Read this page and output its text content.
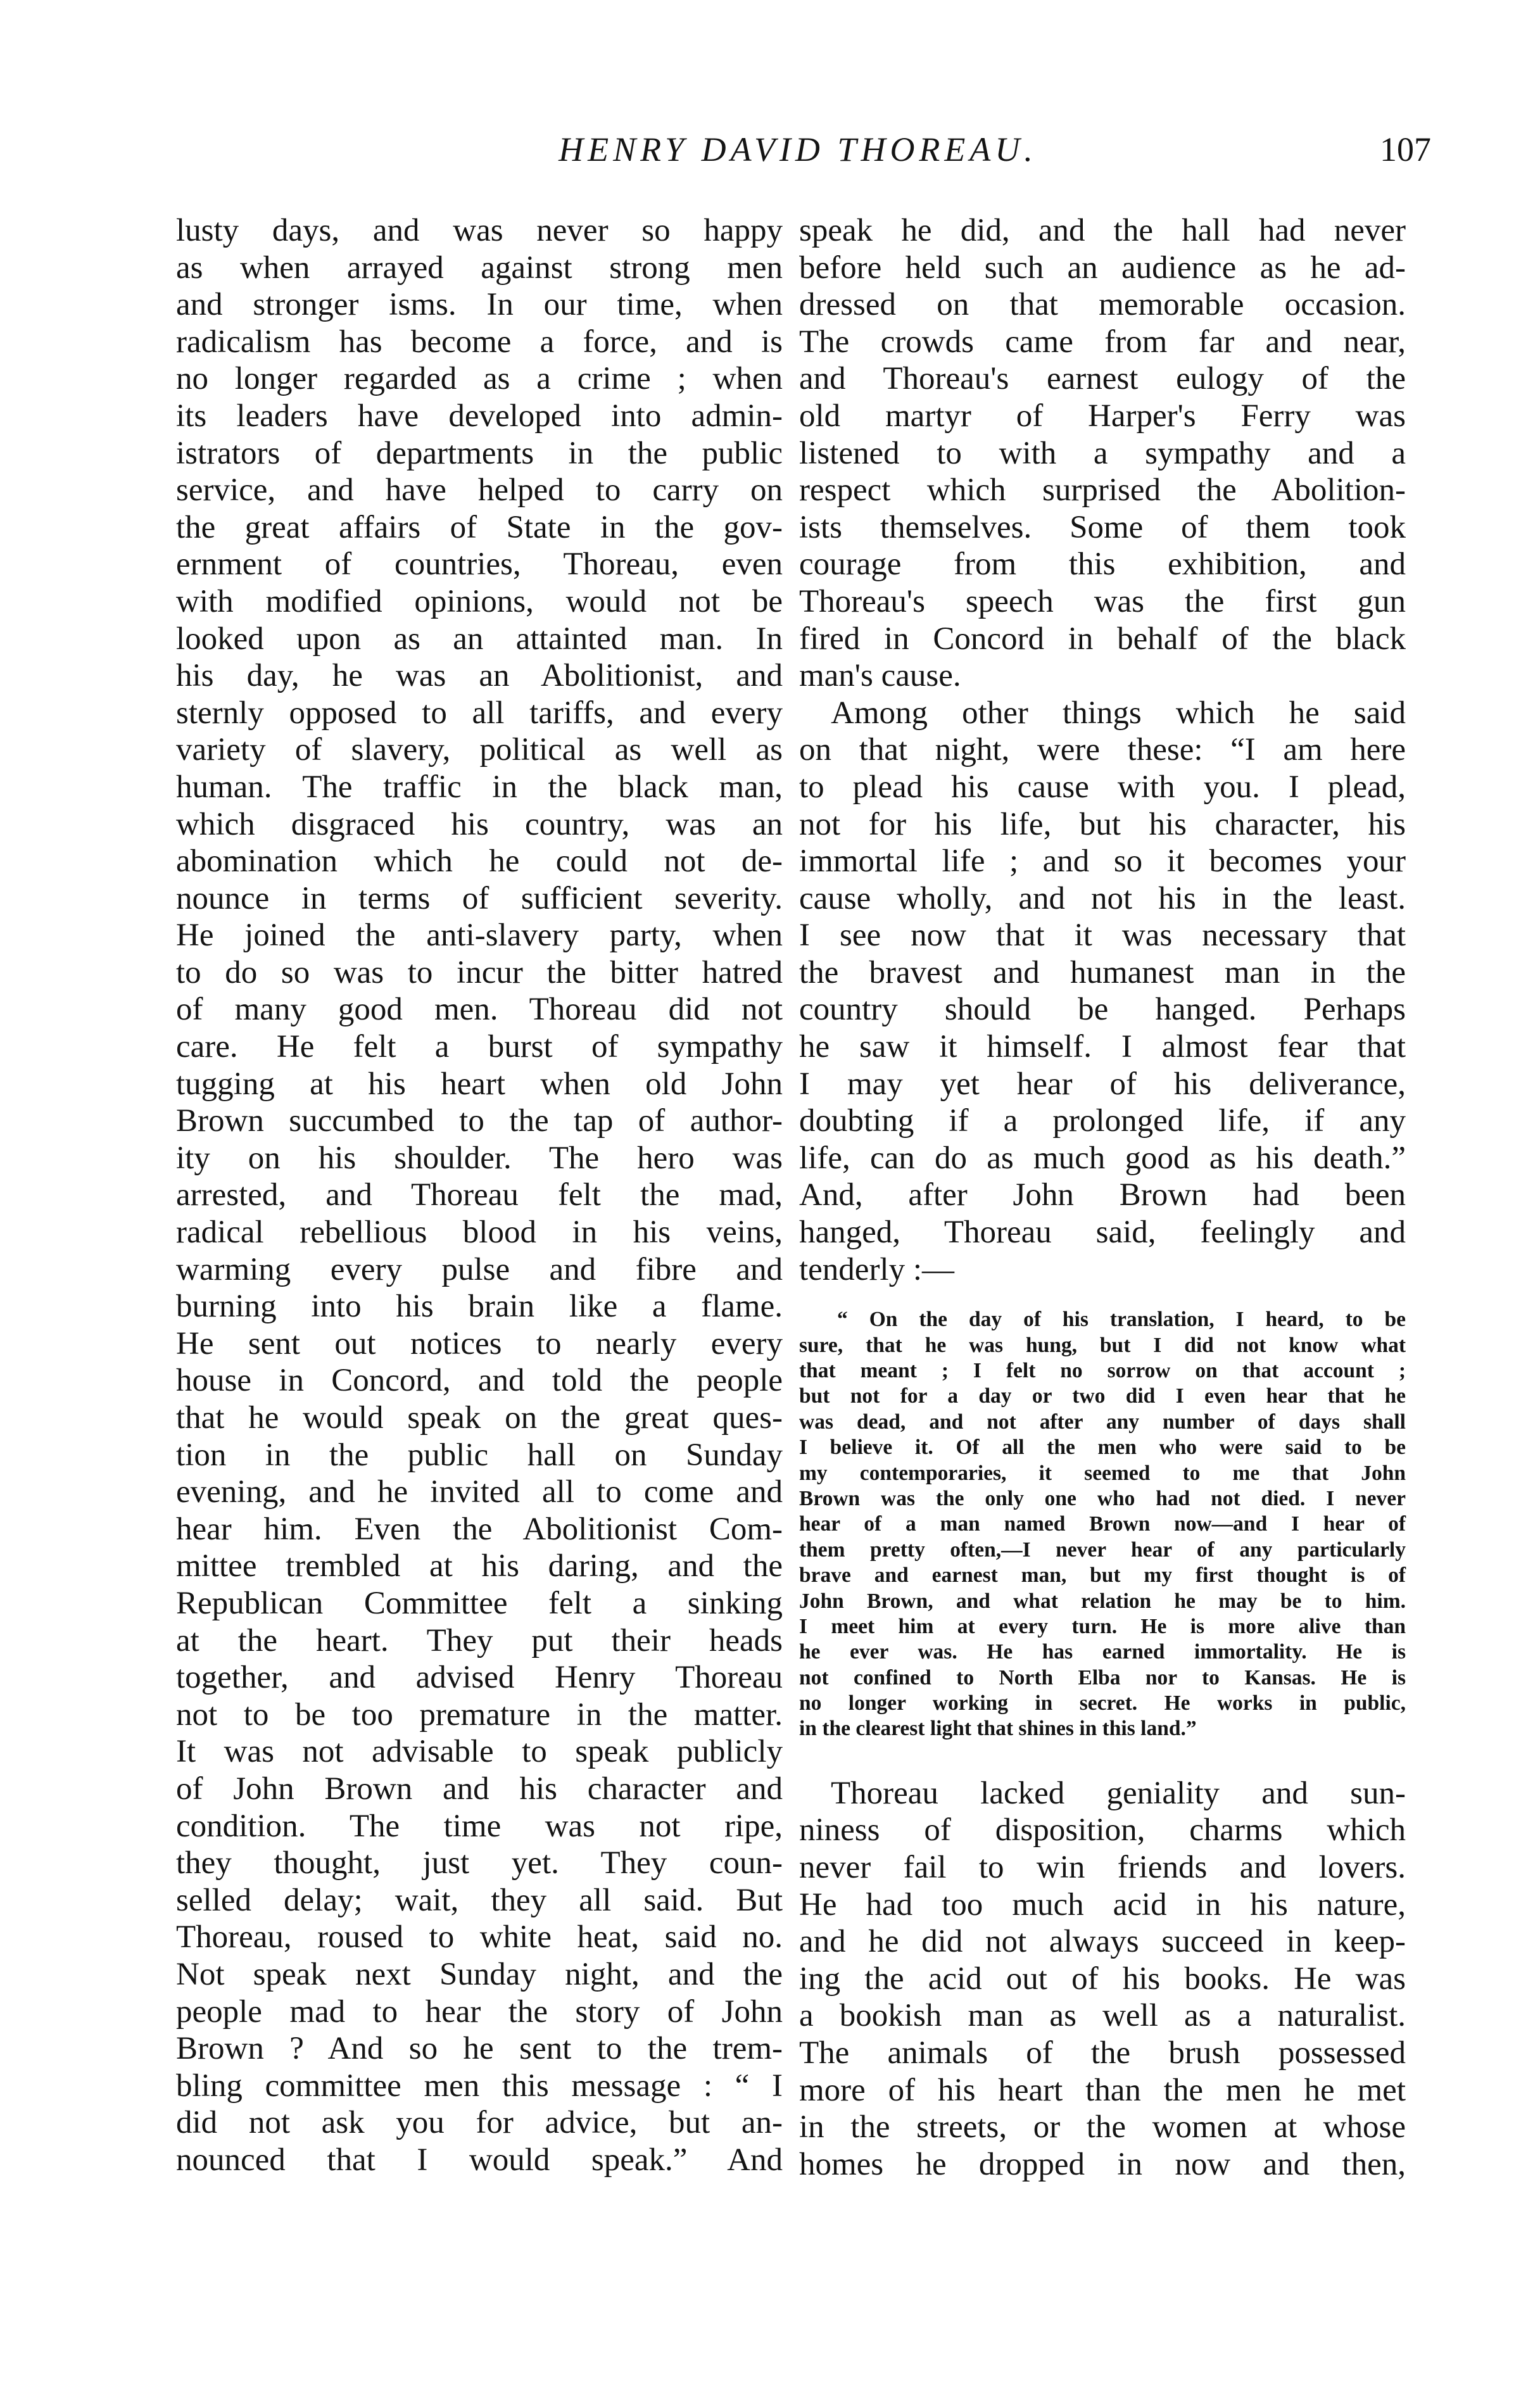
HENRY DAVID THOREAU.	107

lusty days, and was never so happy
as when arrayed against strong men
and stronger isms. In our time, when
radicalism has become a force, and is
no longer regarded as a crime ; when
its leaders have developed into admin-
istrators of departments in the public
service, and have helped to carry on
the great affairs of State in the gov-
ernment of countries, Thoreau, even
with modified opinions, would not be
looked upon as an attainted man. In
his day, he was an Abolitionist, and
sternly opposed to all tariffs, and every
variety of slavery, political as well as
human. The traffic in the black man,
which disgraced his country, was an
abomination which he could not de-
nounce in terms of sufficient severity.
He joined the anti-slavery party, when
to do so was to incur the bitter hatred
of many good men. Thoreau did not
care. He felt a burst of sympathy
tugging at his heart when old John
Brown succumbed to the tap of author-
ity on his shoulder. The hero was
arrested, and Thoreau felt the mad,
radical rebellious blood in his veins,
warming every pulse and fibre and
burning into his brain like a flame.
He sent out notices to nearly every
house in Concord, and told the people
that he would speak on the great ques-
tion in the public hall on Sunday
evening, and he invited all to come and
hear him. Even the Abolitionist Com-
mittee trembled at his daring, and the
Republican Committee felt a sinking
at the heart. They put their heads
together, and advised Henry Thoreau
not to be too premature in the matter.
It was not advisable to speak publicly
of John Brown and his character and
condition. The time was not ripe,
they thought, just yet. They coun-
selled delay; wait, they all said. But
Thoreau, roused to white heat, said no.
Not speak next Sunday night, and the
people mad to hear the story of John
Brown ? And so he sent to the trem-
bling committee men this message : “ I
did not ask you for advice, but an-
nounced that I would speak.” And

speak he did, and the hall had never
before held such an audience as he ad-
dressed on that memorable occasion.
The crowds came from far and near,
and Thoreau's earnest eulogy of the
old martyr of Harper's Ferry was
listened to with a sympathy and a
respect which surprised the Abolition-
ists themselves. Some of them took
courage from this exhibition, and
Thoreau's speech was the first gun
fired in Concord in behalf of the black
man's cause.

Among other things which he said
on that night, were these: “I am here
to plead his cause with you. I plead,
not for his life, but his character, his
immortal life ; and so it becomes your
cause wholly, and not his in the least.
I see now that it was necessary that
the bravest and humanest man in the
country should be hanged. Perhaps
he saw it himself. I almost fear that
I may yet hear of his deliverance,
doubting if a prolonged life, if any
life, can do as much good as his death.”
And, after John Brown had been
hanged, Thoreau said, feelingly and
tenderly :—

“ On the day of his translation, I heard, to be
sure, that he was hung, but I did not know what
that meant ; I felt no sorrow on that account ;
but not for a day or two did I even hear that he
was dead, and not after any number of days shall
I believe it. Of all the men who were said to be
my contemporaries, it seemed to me that John
Brown was the only one who had not died. I never
hear of a man named Brown now—and I hear of
them pretty often,—I never hear of any particularly
brave and earnest man, but my first thought is of
John Brown, and what relation he may be to him.
I meet him at every turn. He is more alive than
he ever was. He has earned immortality. He is
not confined to North Elba nor to Kansas. He is
no longer working in secret. He works in public,
in the clearest light that shines in this land.”

Thoreau lacked geniality and sun-
niness of disposition, charms which
never fail to win friends and lovers.
He had too much acid in his nature,
and he did not always succeed in keep-
ing the acid out of his books. He was
a bookish man as well as a naturalist.
The animals of the brush possessed
more of his heart than the men he met
in the streets, or the women at whose
homes he dropped in now and then,
